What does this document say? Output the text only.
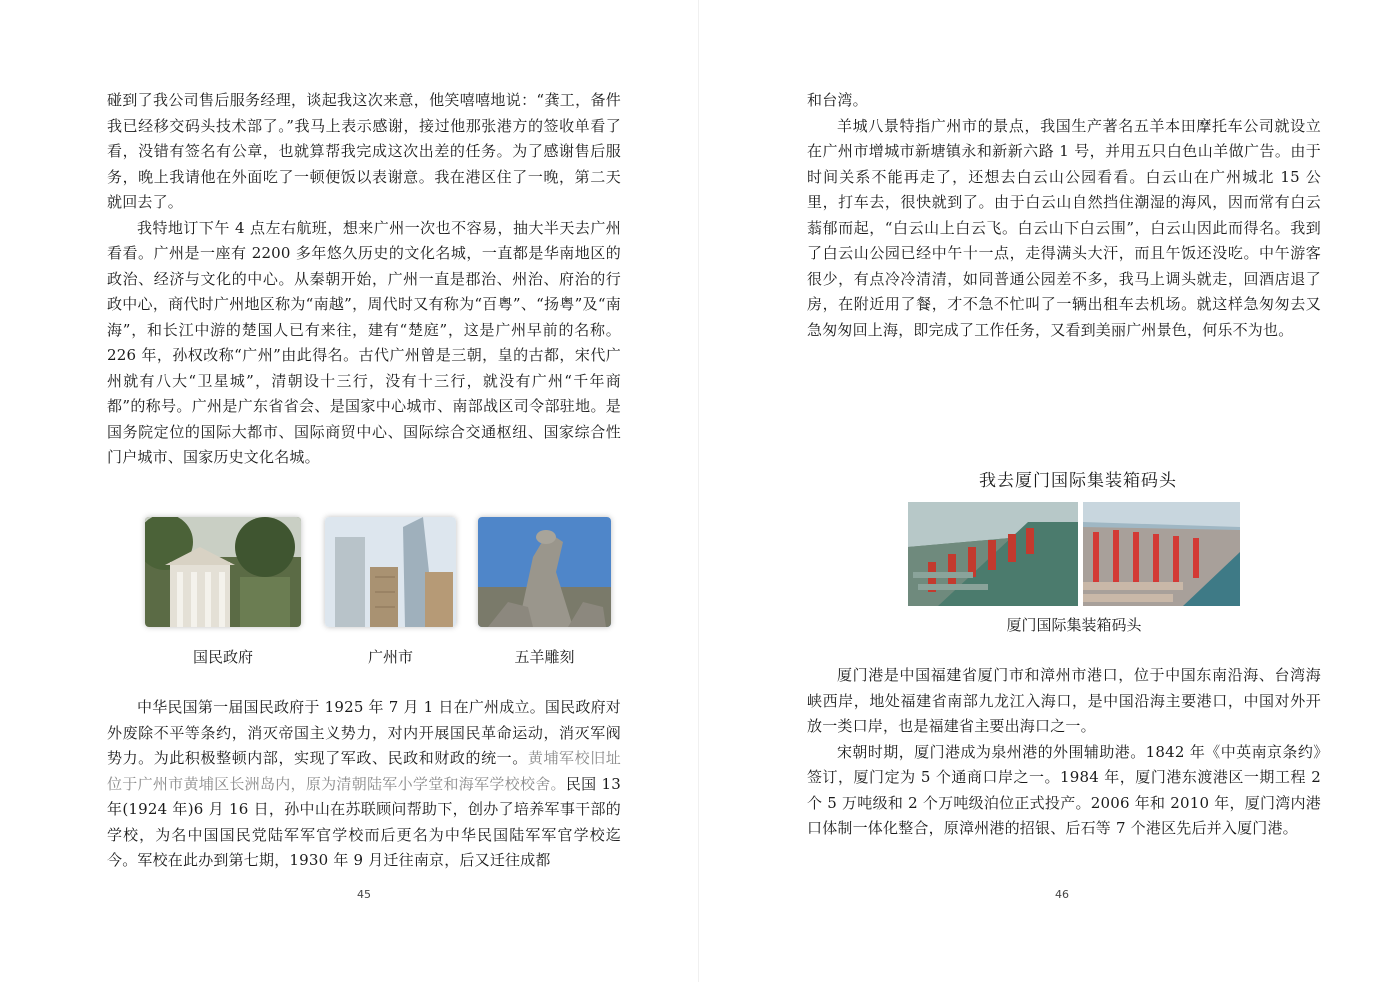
碰到了我公司售后服务经理，谈起我这次来意，他笑嘻嘻地说：“龚工，备件我已经移交码头技术部了。”我马上表示感谢，接过他那张港方的签收单看了看，没错有签名有公章，也就算帮我完成这次出差的任务。为了感谢售后服务，晚上我请他在外面吃了一顿便饭以表谢意。我在港区住了一晚，第二天就回去了。

我特地订下午 4 点左右航班，想来广州一次也不容易，抽大半天去广州看看。广州是一座有 2200 多年悠久历史的文化名城，一直都是华南地区的政治、经济与文化的中心。从秦朝开始，广州一直是郡治、州治、府治的行政中心，商代时广州地区称为“南越”，周代时又有称为“百粤”、“扬粤”及“南海”，和长江中游的楚国人已有来往，建有“楚庭”，这是广州早前的名称。226 年，孙权改称“广州”由此得名。古代广州曾是三朝，皇的古都，宋代广州就有八大“卫星城”，清朝设十三行，没有十三行，就没有广州“千年商都”的称号。广州是广东省省会、是国家中心城市、南部战区司令部驻地。是国务院定位的国际大都市、国际商贸中心、国际综合交通枢纽、国家综合性门户城市、国家历史文化名城。

国民政府	广州市	五羊雕刻

中华民国第一届国民政府于 1925 年 7 月 1 日在广州成立。国民政府对外废除不平等条约，消灭帝国主义势力，对内开展国民革命运动，消灭军阀势力。为此积极整顿内部，实现了军政、民政和财政的统一。黄埔军校旧址位于广州市黄埔区长洲岛内，原为清朝陆军小学堂和海军学校校舍。民国 13 年(1924 年)6 月 16 日，孙中山在苏联顾问帮助下，创办了培养军事干部的学校，为名中国国民党陆军军官学校而后更名为中华民国陆军军官学校迄今。军校在此办到第七期，1930 年 9 月迁往南京，后又迁往成都

45

和台湾。

羊城八景特指广州市的景点，我国生产著名五羊本田摩托车公司就设立在广州市增城市新塘镇永和新新六路 1 号，并用五只白色山羊做广告。由于时间关系不能再走了，还想去白云山公园看看。白云山在广州城北 15 公里，打车去，很快就到了。由于白云山自然挡住潮湿的海风，因而常有白云蓊郁而起，“白云山上白云飞。白云山下白云围”，白云山因此而得名。我到了白云山公园已经中午十一点，走得满头大汗，而且午饭还没吃。中午游客很少，有点冷冷清清，如同普通公园差不多，我马上调头就走，回酒店退了房，在附近用了餐，才不急不忙叫了一辆出租车去机场。就这样急匆匆去又急匆匆回上海，即完成了工作任务，又看到美丽广州景色，何乐不为也。

我去厦门国际集装箱码头
厦门国际集装箱码头

厦门港是中国福建省厦门市和漳州市港口，位于中国东南沿海、台湾海峡西岸，地处福建省南部九龙江入海口，是中国沿海主要港口，中国对外开放一类口岸，也是福建省主要出海口之一。

宋朝时期，厦门港成为泉州港的外围辅助港。1842 年《中英南京条约》签订，厦门定为 5 个通商口岸之一。1984 年，厦门港东渡港区一期工程 2 个 5 万吨级和 2 个万吨级泊位正式投产。2006 年和 2010 年，厦门湾内港口体制一体化整合，原漳州港的招银、后石等 7 个港区先后并入厦门港。

46
